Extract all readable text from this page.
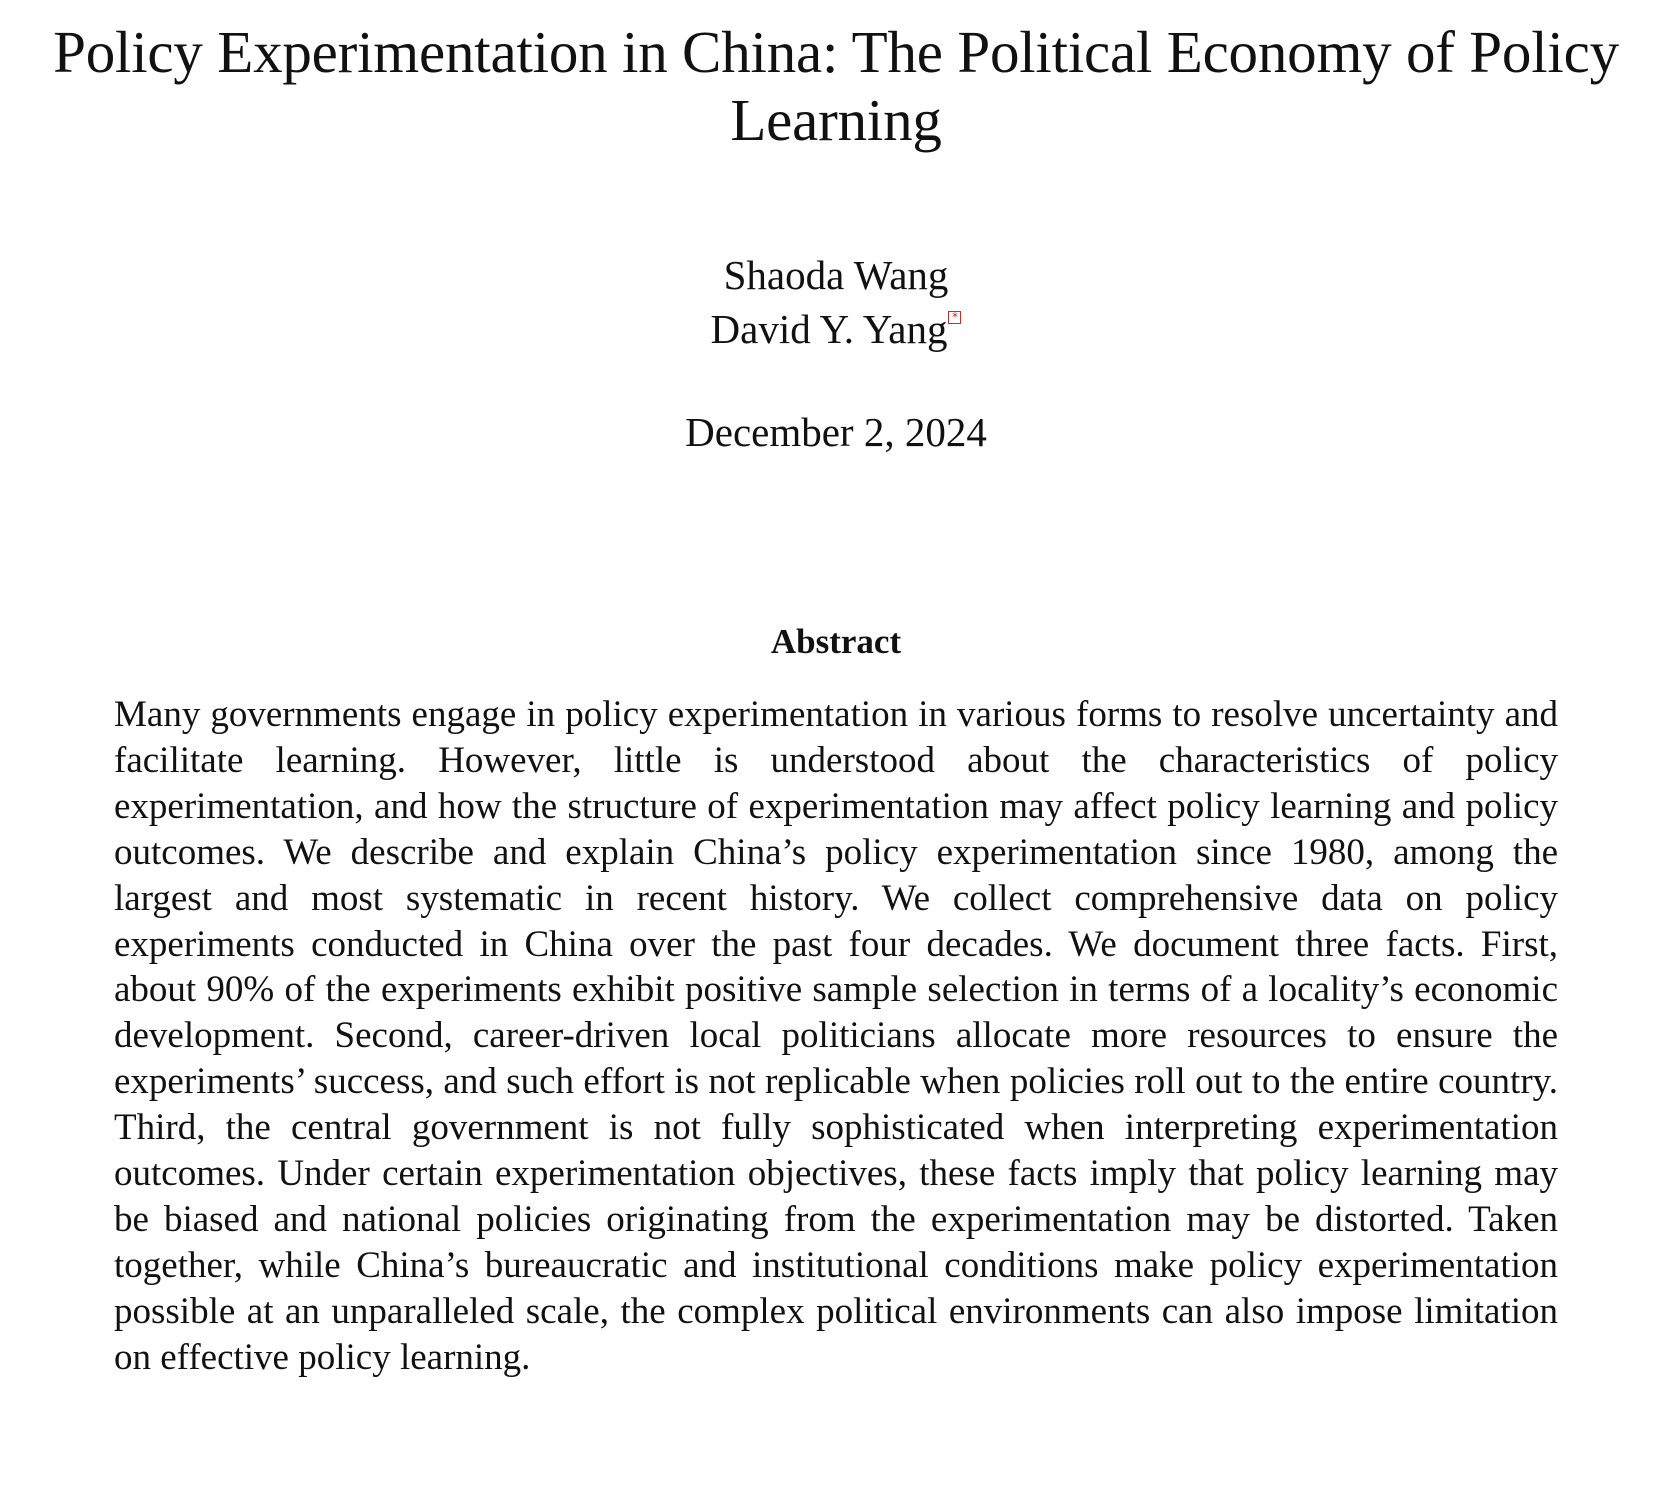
Policy Experimentation in China: The Political Economy of Policy Learning
Shaoda Wang
David Y. Yang *
December 2, 2024
Abstract

Many governments engage in policy experimentation in various forms to resolve uncertainty and facilitate learning. However, little is understood about the characteristics of policy experimentation, and how the structure of experimentation may affect policy learning and policy outcomes. We describe and explain China’s policy experimentation since 1980, among the largest and most systematic in recent history. We collect comprehensive data on policy experiments conducted in China over the past four decades. We document three facts. First, about 90% of the experiments exhibit positive sample selection in terms of a locality’s economic development. Second, career-driven local politicians allocate more resources to ensure the experiments’ success, and such effort is not replicable when policies roll out to the entire country. Third, the central government is not fully sophisticated when interpreting experimentation outcomes. Under certain experimentation objectives, these facts imply that policy learning may be biased and national policies originating from the experimentation may be distorted. Taken together, while China’s bureaucratic and institutional conditions make policy experimentation possible at an unparalleled scale, the complex political environments can also impose limitation on effective policy learning.
